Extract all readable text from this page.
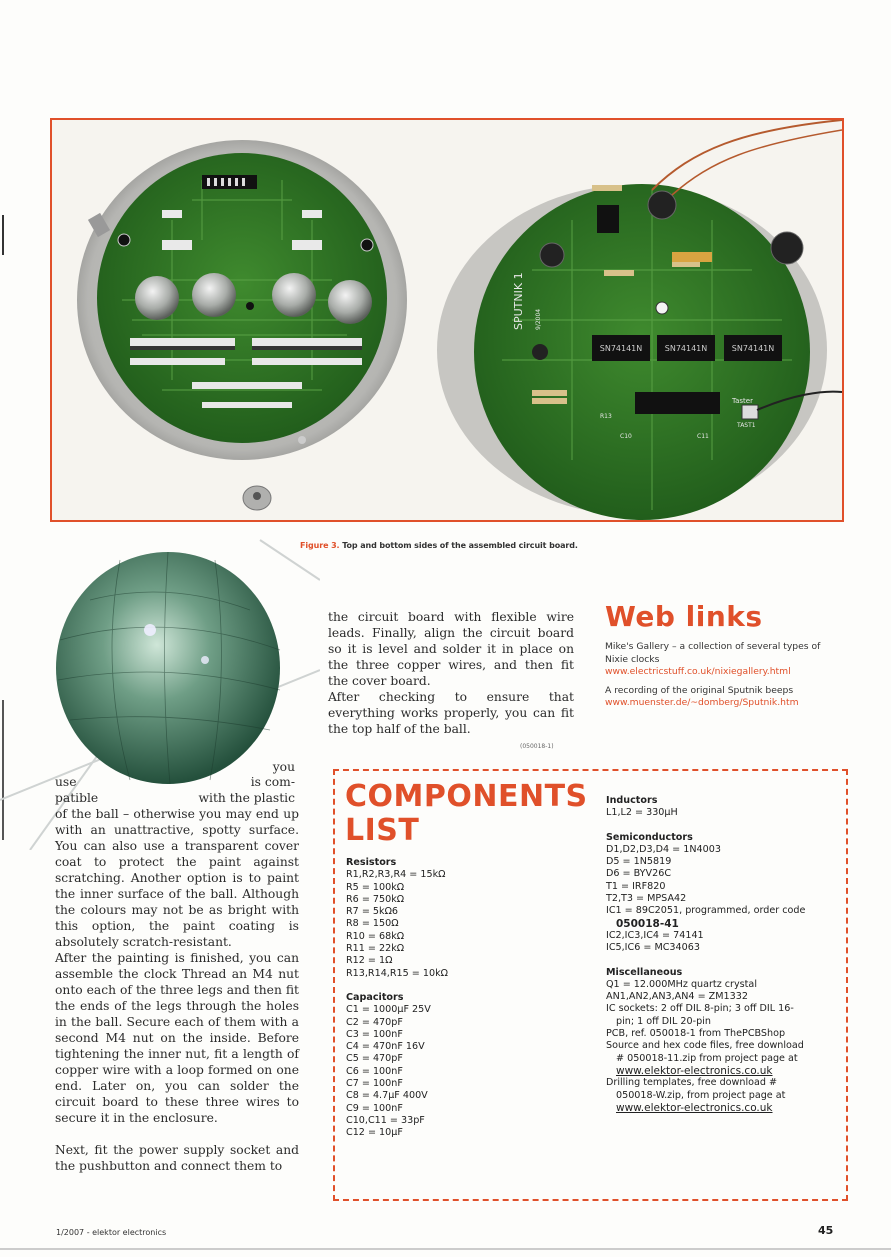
SN74141N	SN74141N	SN74141N
SPUTNIK 1 9/2004
Taster
TAST1
C10	C11
R13
Figure 3. Top and bottom sides of the assembled circuit board.
you
use	is com-
patible	with the plastic

of the ball – otherwise you may end up with an unattractive, spotty surface. You can also use a transparent cover coat to protect the paint against scratching. Another option is to paint the inner surface of the ball. Although the colours may not be as bright with this option, the paint coating is absolutely scratch-resistant.

After the painting is finished, you can assemble the clock Thread an M4 nut onto each of the three legs and then fit the ends of the legs through the holes in the ball. Secure each of them with a second M4 nut on the inside. Before tightening the inner nut, fit a length of copper wire with a loop formed on one end. Later on, you can solder the circuit board to these three wires to secure it in the enclosure.

Next, fit the power supply socket and the pushbutton and connect them to

the circuit board with flexible wire leads. Finally, align the circuit board so it is level and solder it in place on the three copper wires, and then fit the cover board.

After checking to ensure that everything works properly, you can fit the top half of the ball.

(050018-1)
Web links

Mike's Gallery – a collection of several types of Nixie clocks

www.electricstuff.co.uk/nixiegallery.html

A recording of the original Sputnik beeps

www.muenster.de/~domberg/Sputnik.htm

COMPONENTS
LIST

Resistors

R1,R2,R3,R4 = 15kΩ

R5 = 100kΩ

R6 = 750kΩ

R7 = 5kΩ6

R8 = 150Ω

R10 = 68kΩ

R11 = 22kΩ

R12 = 1Ω

R13,R14,R15 = 10kΩ

Capacitors

C1 = 1000µF 25V

C2 = 470pF

C3 = 100nF

C4 = 470nF 16V

C5 = 470pF

C6 = 100nF

C7 = 100nF

C8 = 4.7µF 400V

C9 = 100nF

C10,C11 = 33pF

C12 = 10µF

Inductors

L1,L2 = 330µH

Semiconductors

D1,D2,D3,D4 = 1N4003

D5 = 1N5819

D6 = BYV26C

T1 = IRF820

T2,T3 = MPSA42

IC1 = 89C2051, programmed, order code

050018-41

IC2,IC3,IC4 = 74141

IC5,IC6 = MC34063

Miscellaneous

Q1 = 12.000MHz quartz crystal

AN1,AN2,AN3,AN4 = ZM1332

IC sockets: 2 off DIL 8-pin; 3 off DIL 16-

pin; 1 off DIL 20-pin

PCB, ref. 050018-1 from ThePCBShop

Source and hex code files, free download

# 050018-11.zip from project page at

www.elektor-electronics.co.uk

Drilling templates, free download #

050018-W.zip, from project page at

www.elektor-electronics.co.uk

1/2007 - elektor electronics	45
